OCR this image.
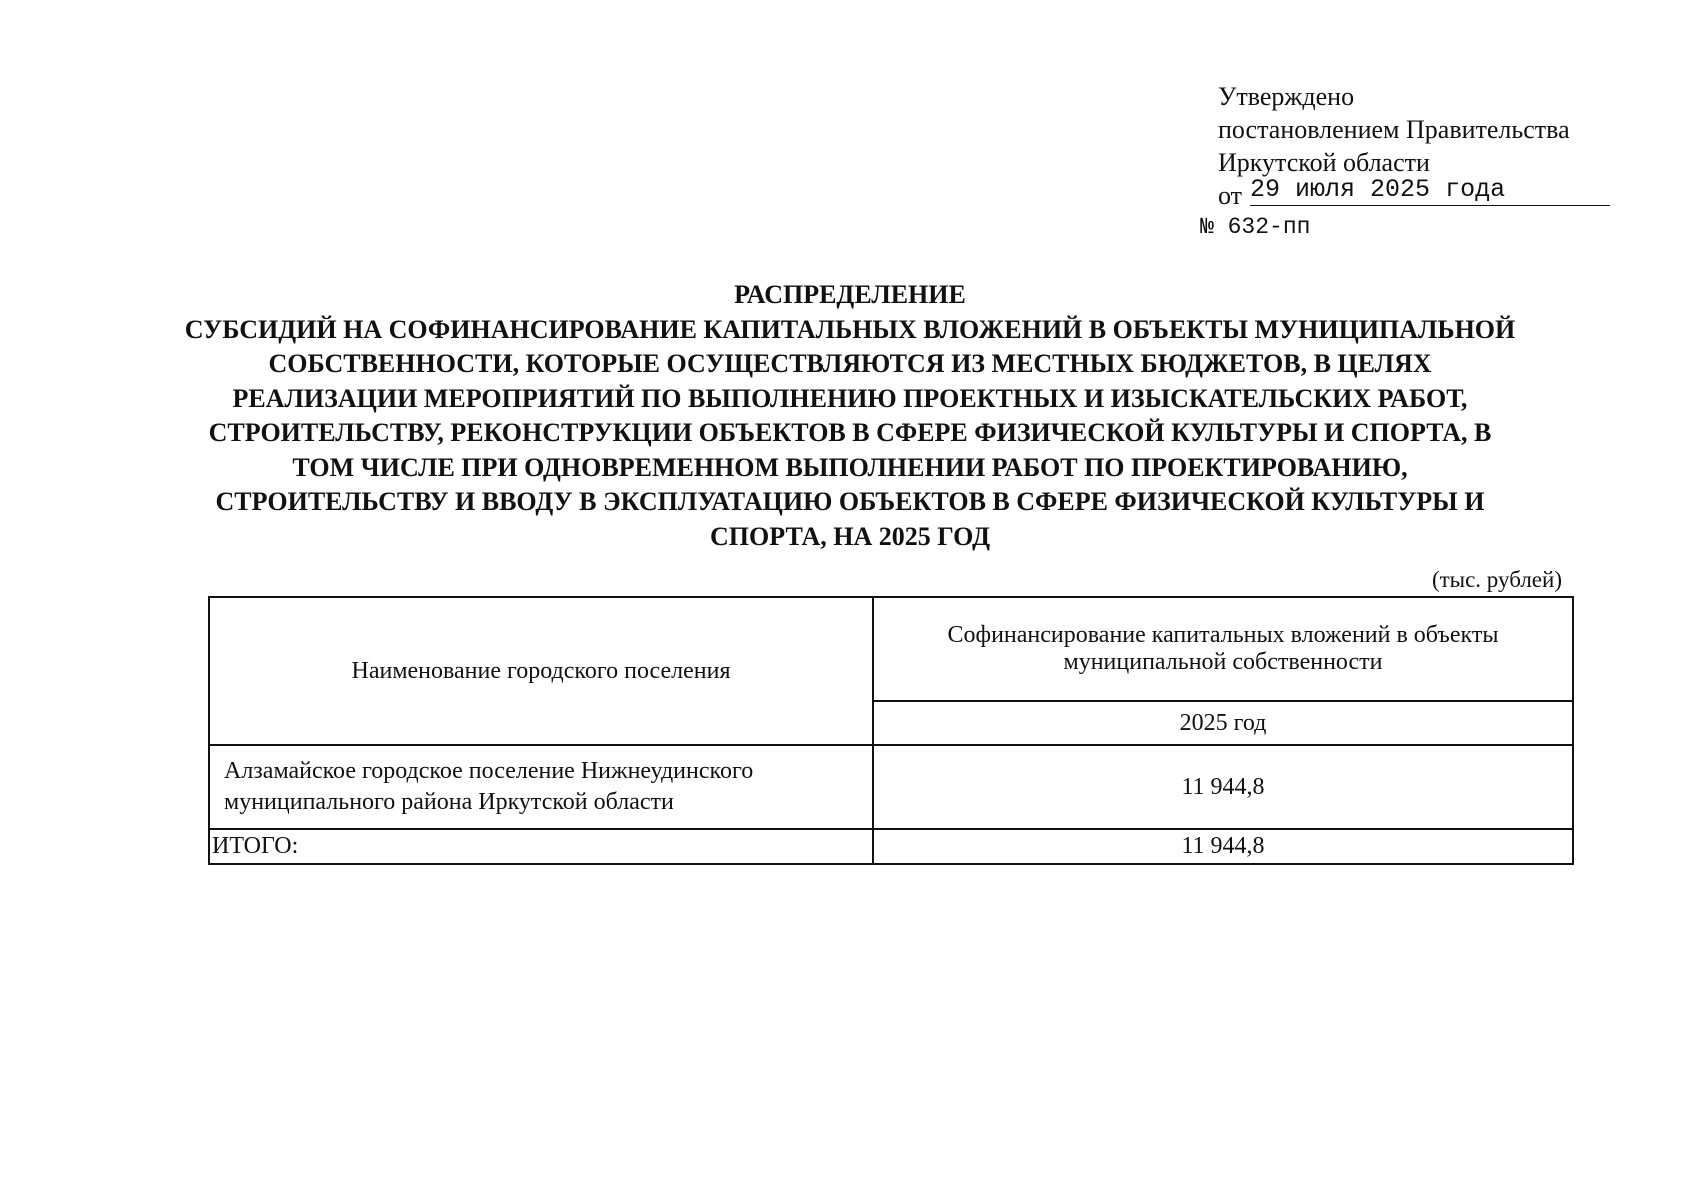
Утверждено
постановлением Правительства
Иркутской области
от 29 июля 2025 года
№ 632-пп
РАСПРЕДЕЛЕНИЕ
СУБСИДИЙ НА СОФИНАНСИРОВАНИЕ КАПИТАЛЬНЫХ ВЛОЖЕНИЙ В ОБЪЕКТЫ МУНИЦИПАЛЬНОЙ
СОБСТВЕННОСТИ, КОТОРЫЕ ОСУЩЕСТВЛЯЮТСЯ ИЗ МЕСТНЫХ БЮДЖЕТОВ, В ЦЕЛЯХ
РЕАЛИЗАЦИИ МЕРОПРИЯТИЙ ПО ВЫПОЛНЕНИЮ ПРОЕКТНЫХ И ИЗЫСКАТЕЛЬСКИХ РАБОТ,
СТРОИТЕЛЬСТВУ, РЕКОНСТРУКЦИИ ОБЪЕКТОВ В СФЕРЕ ФИЗИЧЕСКОЙ КУЛЬТУРЫ И СПОРТА, В
ТОМ ЧИСЛЕ ПРИ ОДНОВРЕМЕННОМ ВЫПОЛНЕНИИ РАБОТ ПО ПРОЕКТИРОВАНИЮ,
СТРОИТЕЛЬСТВУ И ВВОДУ В ЭКСПЛУАТАЦИЮ ОБЪЕКТОВ В СФЕРЕ ФИЗИЧЕСКОЙ КУЛЬТУРЫ И
СПОРТА, НА 2025 ГОД
(тыс. рублей)
Наименование городского поселения	Софинансирование капитальных вложений в объекты
муниципальной собственности

	2025 год

Алзамайское городское поселение Нижнеудинского
муниципального района Иркутской области	11 944,8
ИТОГО:	11 944,8
